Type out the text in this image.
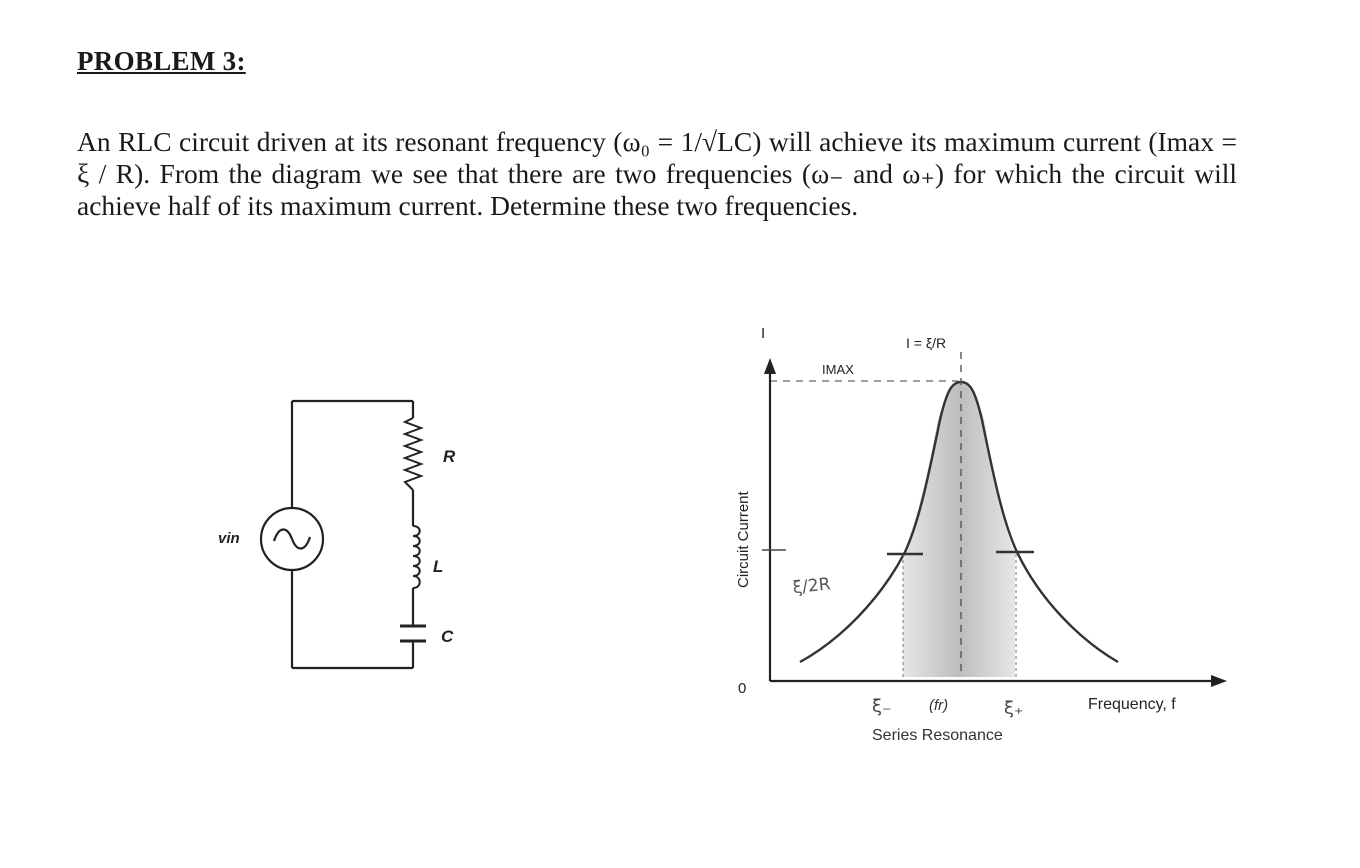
PROBLEM 3:

An RLC circuit driven at its resonant frequency (ω₀ = 1/√LC) will achieve its maximum current (Imax = ξ / R). From the diagram we see that there are two frequencies (ω₋ and ω₊) for which the circuit will achieve half of its maximum current. Determine these two frequencies.

vin
R
L
C
I
Circuit Current
0
Frequency, f
I = ξ/R
IMAX
ξ/2R
ξ₋	ξ₊
(fr)
Series Resonance
